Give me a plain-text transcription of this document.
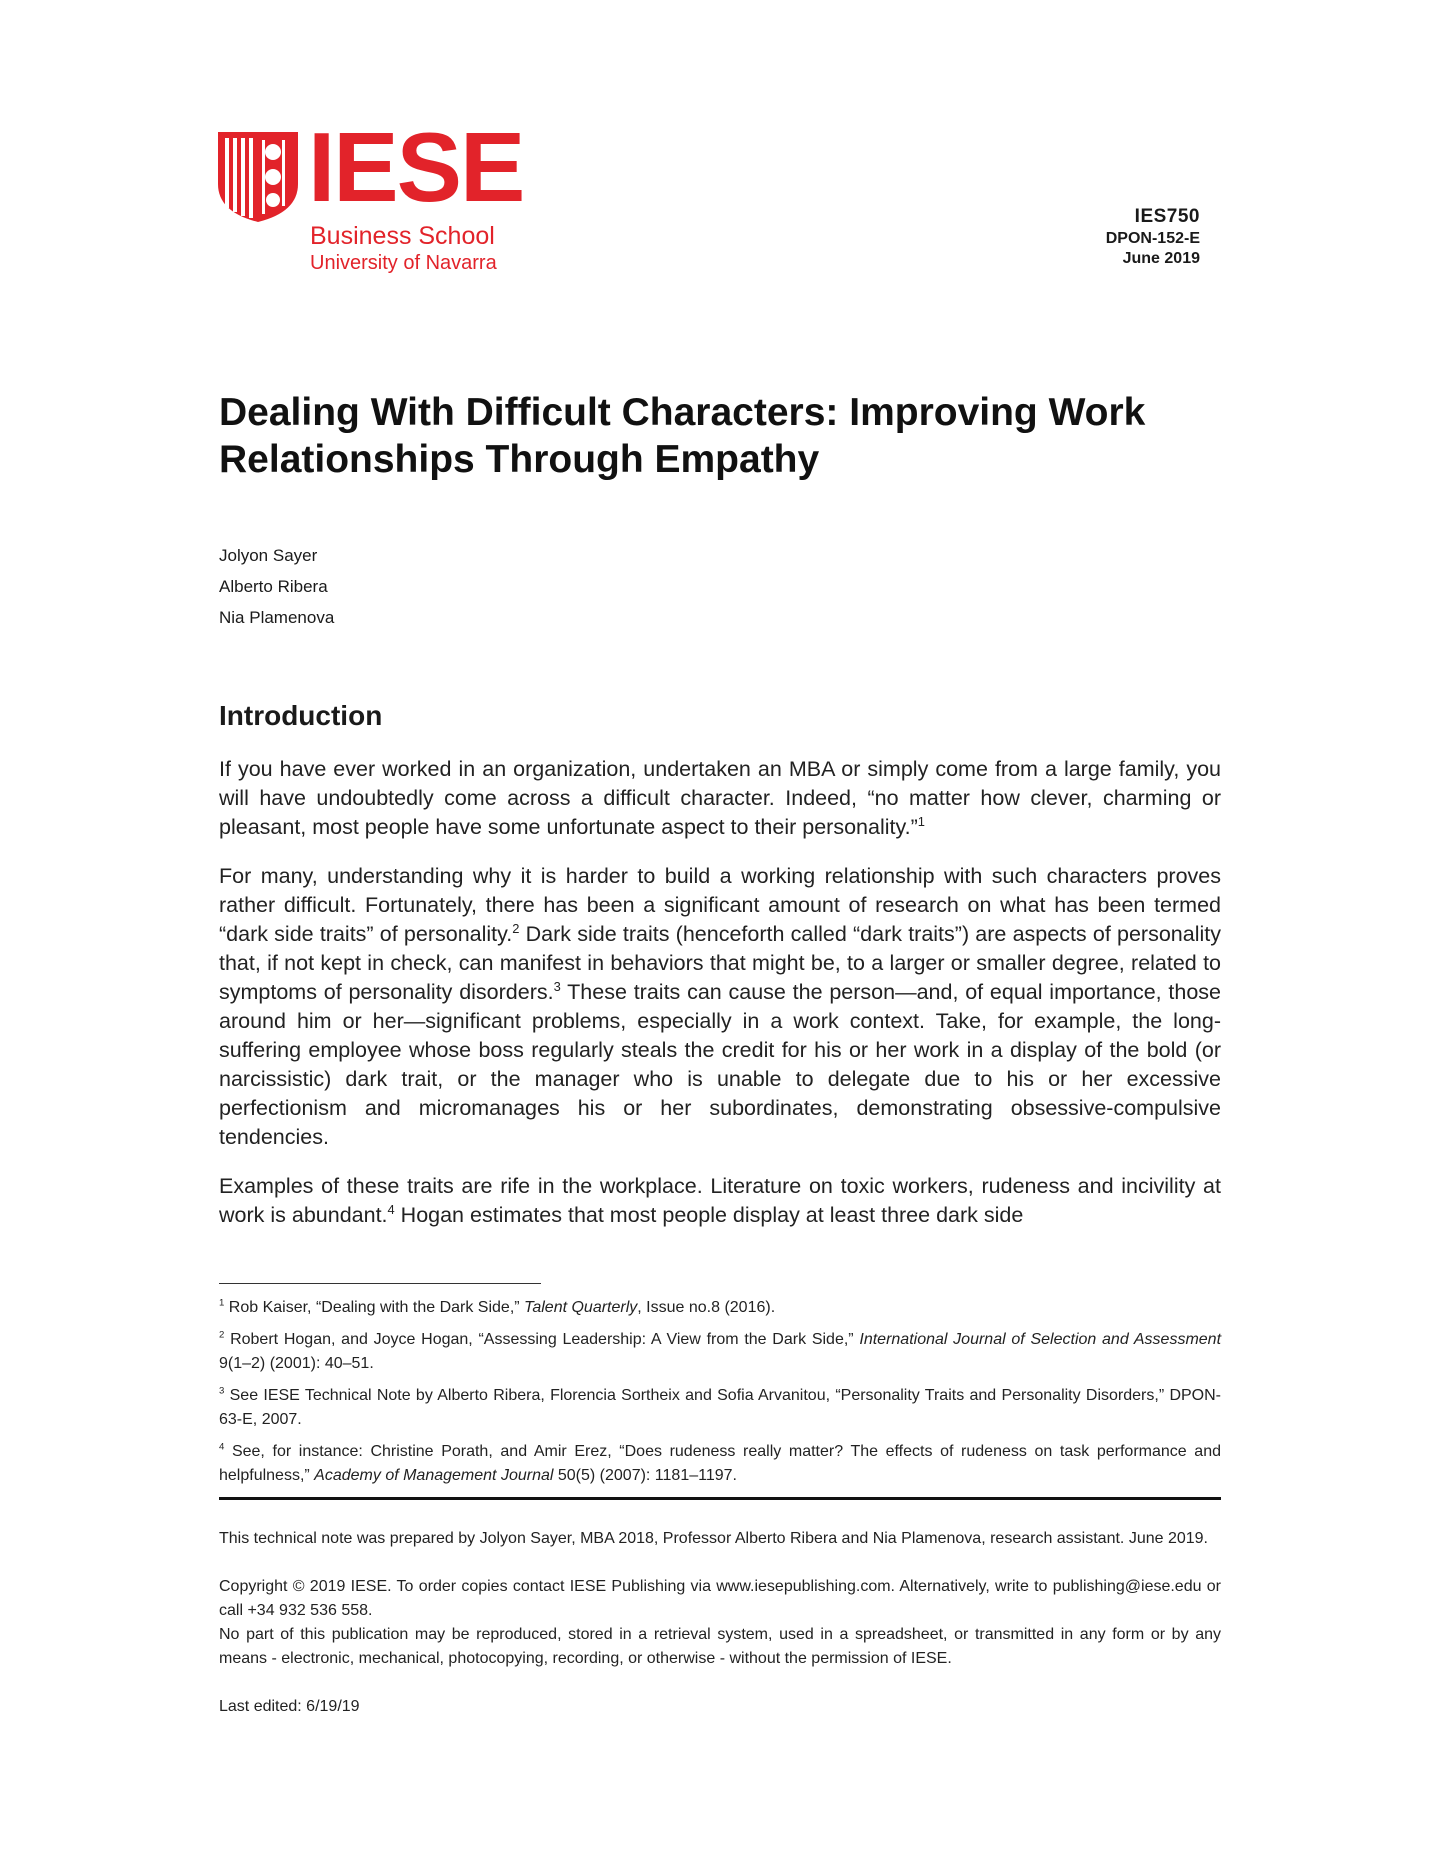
IESE
Business School
University of Navarra
IES750
DPON-152-E
June 2019
Dealing With Difficult Characters: Improving Work Relationships Through Empathy
Jolyon Sayer
Alberto Ribera
Nia Plamenova
Introduction

If you have ever worked in an organization, undertaken an MBA or simply come from a large family, you will have undoubtedly come across a difficult character. Indeed, “no matter how clever, charming or pleasant, most people have some unfortunate aspect to their personality.”$^1$

For many, understanding why it is harder to build a working relationship with such characters proves rather difficult. Fortunately, there has been a significant amount of research on what has been termed “dark side traits” of personality.$^2$ Dark side traits (henceforth called “dark traits”) are aspects of personality that, if not kept in check, can manifest in behaviors that might be, to a larger or smaller degree, related to symptoms of personality disorders.$^3$ These traits can cause the person—and, of equal importance, those around him or her—significant problems, especially in a work context. Take, for example, the long-suffering employee whose boss regularly steals the credit for his or her work in a display of the bold (or narcissistic) dark trait, or the manager who is unable to delegate due to his or her excessive perfectionism and micromanages his or her subordinates, demonstrating obsessive-compulsive tendencies.

Examples of these traits are rife in the workplace. Literature on toxic workers, rudeness and incivility at work is abundant.$^4$ Hogan estimates that most people display at least three dark side

$^1$ Rob Kaiser, “Dealing with the Dark Side,” Talent Quarterly, Issue no.8 (2016).

$^2$ Robert Hogan, and Joyce Hogan, “Assessing Leadership: A View from the Dark Side,” International Journal of Selection and Assessment 9(1–2) (2001): 40–51.

$^3$ See IESE Technical Note by Alberto Ribera, Florencia Sortheix and Sofia Arvanitou, “Personality Traits and Personality Disorders,” DPON-63-E, 2007.

$^4$ See, for instance: Christine Porath, and Amir Erez, “Does rudeness really matter? The effects of rudeness on task performance and helpfulness,” Academy of Management Journal 50(5) (2007): 1181–1197.

This technical note was prepared by Jolyon Sayer, MBA 2018, Professor Alberto Ribera and Nia Plamenova, research assistant. June 2019.

Copyright © 2019 IESE. To order copies contact IESE Publishing via www.iesepublishing.com. Alternatively, write to publishing@iese.edu or call +34 932 536 558.

No part of this publication may be reproduced, stored in a retrieval system, used in a spreadsheet, or transmitted in any form or by any means - electronic, mechanical, photocopying, recording, or otherwise - without the permission of IESE.

Last edited: 6/19/19
